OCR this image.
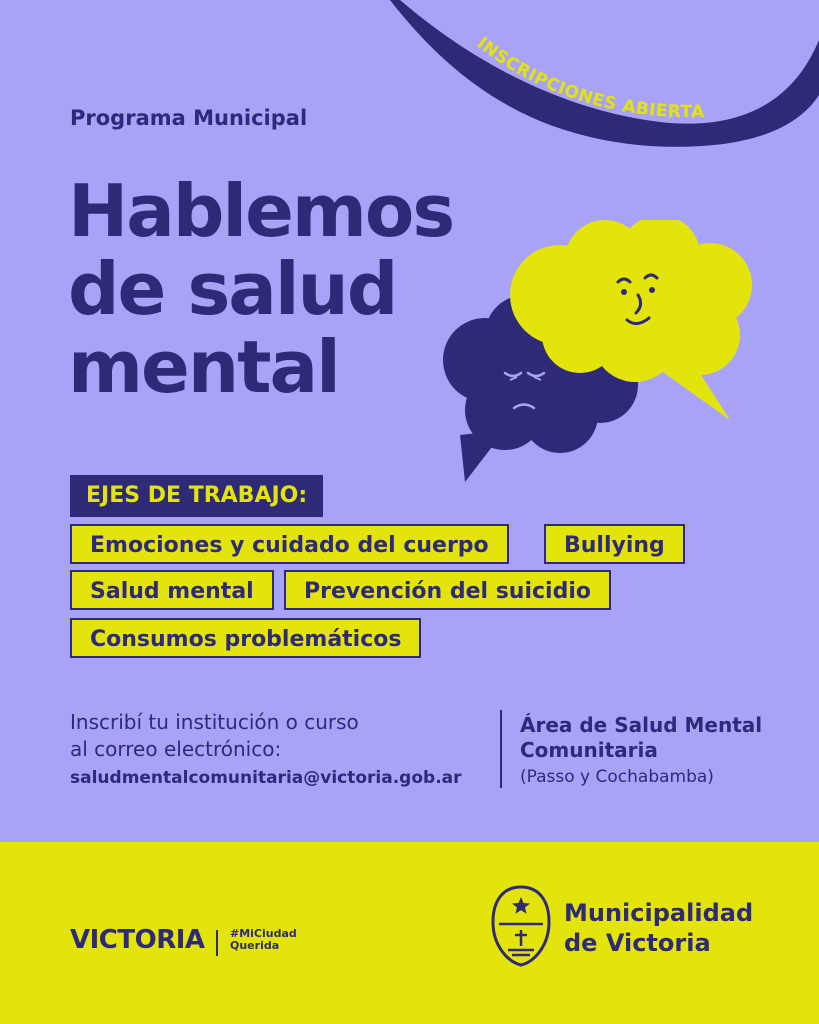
INSCRIPCIONES ABIERTA
Programa Municipal
Hablemos
de salud
mental
EJES DE TRABAJO:
Emociones y cuidado del cuerpo	Bullying
Salud mental	Prevención del suicidio
Consumos problemáticos
Inscribí tu institución o curso
al correo electrónico:
saludmentalcomunitaria@victoria.gob.ar
Área de Salud Mental
Comunitaria
(Passo y Cochabamba)
VICTORIA #MiCiudad
Querida
Municipalidad
de Victoria
